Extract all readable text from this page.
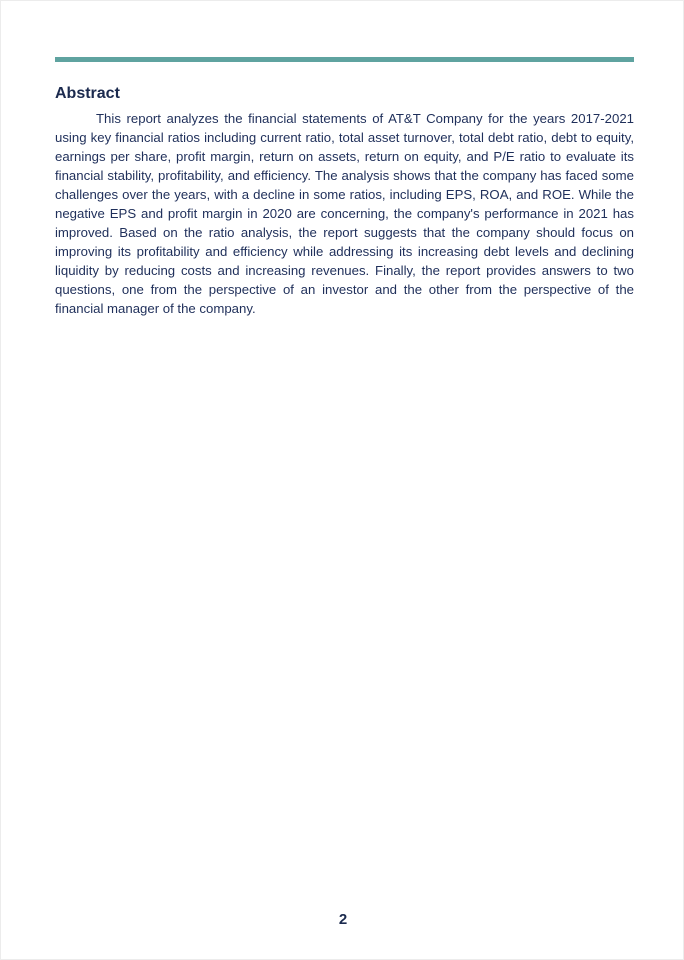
Abstract

This report analyzes the financial statements of AT&T Company for the years 2017-2021 using key financial ratios including current ratio, total asset turnover, total debt ratio, debt to equity, earnings per share, profit margin, return on assets, return on equity, and P/E ratio to evaluate its financial stability, profitability, and efficiency. The analysis shows that the company has faced some challenges over the years, with a decline in some ratios, including EPS, ROA, and ROE. While the negative EPS and profit margin in 2020 are concerning, the company's performance in 2021 has improved. Based on the ratio analysis, the report suggests that the company should focus on improving its profitability and efficiency while addressing its increasing debt levels and declining liquidity by reducing costs and increasing revenues. Finally, the report provides answers to two questions, one from the perspective of an investor and the other from the perspective of the financial manager of the company.

2
